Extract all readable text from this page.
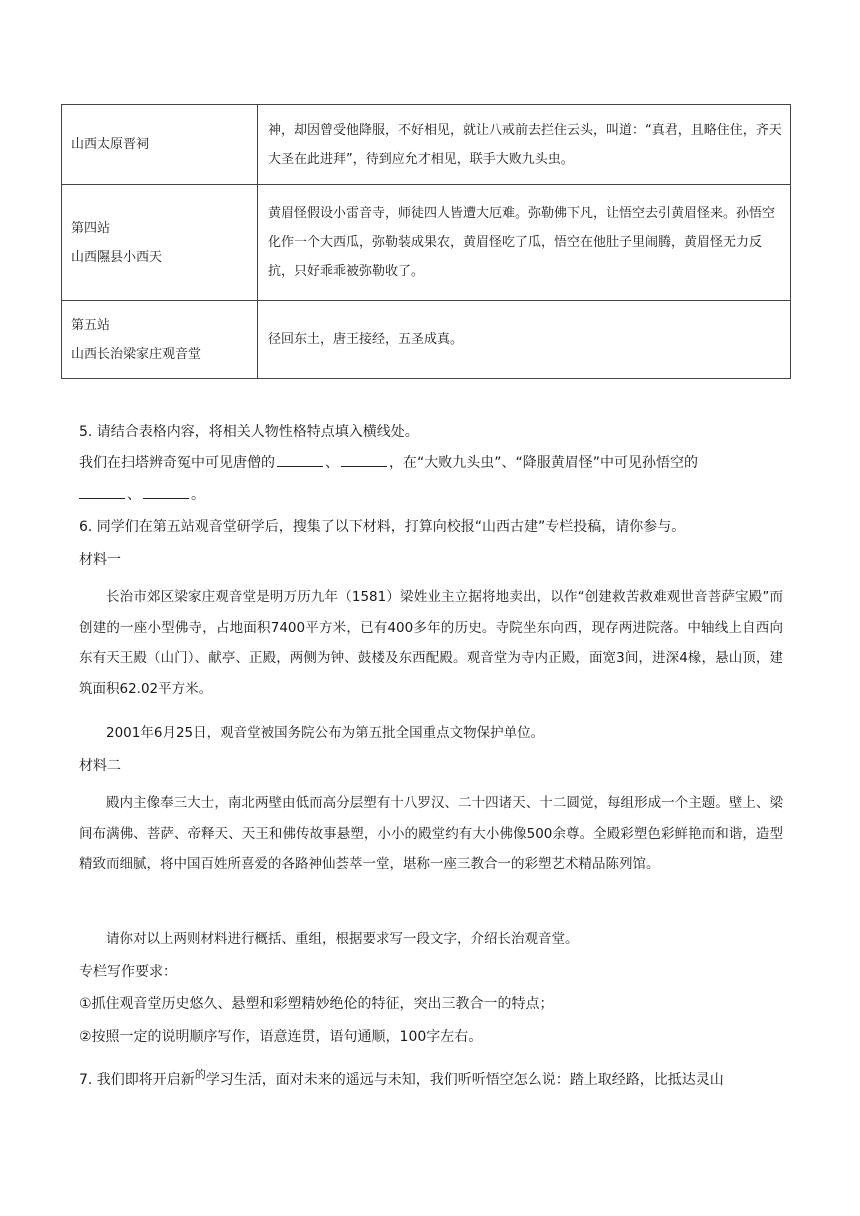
山西太原晋祠	神，却因曾受他降服，不好相见，就让八戒前去拦住云头，叫道：“真君，且略住住，齐天大圣在此进拜”，待到应允才相见，联手大败九头虫。

第四站
山西隰县小西天	黄眉怪假设小雷音寺，师徒四人皆遭大厄难。弥勒佛下凡，让悟空去引黄眉怪来。孙悟空化作一个大西瓜，弥勒装成果农，黄眉怪吃了瓜，悟空在他肚子里闹腾，黄眉怪无力反抗，只好乖乖被弥勒收了。

第五站
山西长治梁家庄观音堂	径回东土，唐王接经，五圣成真。
5. 请结合表格内容，将相关人物性格特点填入横线处。
我们在扫塔辨奇冤中可见唐僧的	、	，在“大败九头虫”、“降服黄眉怪”中可见孙悟空的
、	。
6. 同学们在第五站观音堂研学后，搜集了以下材料，打算向校报“山西古建”专栏投稿，请你参与。
材料一
长治市郊区梁家庄观音堂是明万历九年（1581）梁姓业主立据将地卖出，以作“创建救苦救难观世音菩萨宝殿”而创建的一座小型佛寺，占地面积7400平方米，已有400多年的历史。寺院坐东向西，现存两进院落。中轴线上自西向东有天王殿（山门）、献亭、正殿，两侧为钟、鼓楼及东西配殿。观音堂为寺内正殿，面宽3间，进深4椽，悬山顶，建筑面积62.02平方米。
2001年6月25日，观音堂被国务院公布为第五批全国重点文物保护单位。
材料二
殿内主像奉三大士，南北两壁由低而高分层塑有十八罗汉、二十四诸天、十二圆觉，每组形成一个主题。壁上、梁间布满佛、菩萨、帝释天、天王和佛传故事悬塑，小小的殿堂约有大小佛像500余尊。全殿彩塑色彩鲜艳而和谐，造型精致而细腻，将中国百姓所喜爱的各路神仙荟萃一堂，堪称一座三教合一的彩塑艺术精品陈列馆。
请你对以上两则材料进行概括、重组，根据要求写一段文字，介绍长治观音堂。
专栏写作要求：
①抓住观音堂历史悠久、悬塑和彩塑精妙绝伦的特征，突出三教合一的特点；
②按照一定的说明顺序写作，语意连贯，语句通顺，100字左右。
7. 我们即将开启新$^的$学习生活，面对未来的遥远与未知，我们听听悟空怎么说：踏上取经路，比抵达灵山
